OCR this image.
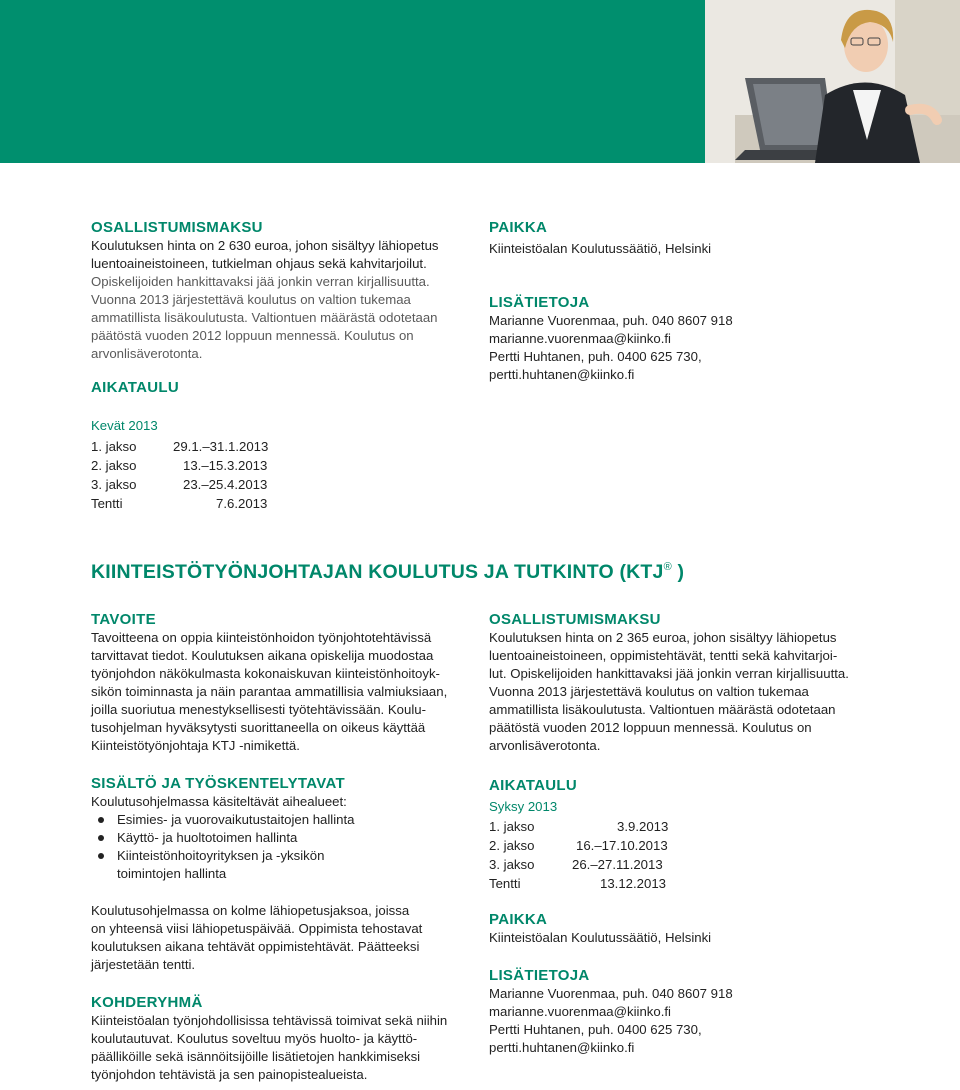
OSALLISTUMISMAKSU

Koulutuksen hinta on 2 630 euroa, johon sisältyy lähiopetus
luentoaineistoineen, tutkielman ohjaus sekä kahvitarjoilut.
Opiskelijoiden hankittavaksi jää jonkin verran kirjallisuutta.
Vuonna 2013 järjestettävä koulutus on valtion tukemaa
ammatillista lisäkoulutusta. Valtiontuen määrästä odotetaan
päätöstä vuoden 2012 loppuun mennessä. Koulutus on
arvonlisäverotonta.

AIKATAULU
Kevät 2013
1. jakso	29.1.–31.1.2013
2. jakso	13.–15.3.2013
3. jakso	23.–25.4.2013
Tentti	7.6.2013
PAIKKA

Kiinteistöalan Koulutussäätiö, Helsinki

LISÄTIETOJA

Marianne Vuorenmaa, puh. 040 8607 918
marianne.vuorenmaa@kiinko.fi
Pertti Huhtanen, puh. 0400 625 730,
pertti.huhtanen@kiinko.fi

KIINTEISTÖTYÖNJOHTAJAN KOULUTUS JA TUTKINTO (KTJ® )
TAVOITE

Tavoitteena on oppia kiinteistönhoidon työnjohtotehtävissä
tarvittavat tiedot. Koulutuksen aikana opiskelija muodostaa
työnjohdon näkökulmasta kokonaiskuvan kiinteistönhoitoyk-
sikön toiminnasta ja näin parantaa ammatillisia valmiuksiaan,
joilla suoriutua menestyksellisesti työtehtävissään. Koulu-
tusohjelman hyväksytysti suorittaneella on oikeus käyttää
Kiinteistötyönjohtaja KTJ -nimikettä.

SISÄLTÖ JA TYÖSKENTELYTAVAT

Koulutusohjelmassa käsiteltävät aihealueet:

Esimies- ja vuorovaikutustaitojen hallinta
Käyttö- ja huoltotoimen hallinta
Kiinteistönhoitoyrityksen ja -yksikön
toimintojen hallinta

Koulutusohjelmassa on kolme lähiopetusjaksoa, joissa
on yhteensä viisi lähiopetuspäivää. Oppimista tehostavat
koulutuksen aikana tehtävät oppimistehtävät. Päätteeksi
järjestetään tentti.

KOHDERYHMÄ

Kiinteistöalan työnjohdollisissa tehtävissä toimivat sekä niihin
koulutautuvat. Koulutus soveltuu myös huolto- ja käyttö-
päälliköille sekä isännöitsijöille lisätietojen hankkimiseksi
työnjohdon tehtävistä ja sen painopistealueista.

OSALLISTUMISMAKSU

Koulutuksen hinta on 2 365 euroa, johon sisältyy lähiopetus
luentoaineistoineen, oppimistehtävät, tentti sekä kahvitarjoi-
lut. Opiskelijoiden hankittavaksi jää jonkin verran kirjallisuutta.
Vuonna 2013 järjestettävä koulutus on valtion tukemaa
ammatillista lisäkoulutusta. Valtiontuen määrästä odotetaan
päätöstä vuoden 2012 loppuun mennessä. Koulutus on
arvonlisäverotonta.

AIKATAULU
Syksy 2013
1. jakso	3.9.2013
2. jakso	16.–17.10.2013
3. jakso	26.–27.11.2013
Tentti	13.12.2013
PAIKKA

Kiinteistöalan Koulutussäätiö, Helsinki

LISÄTIETOJA

Marianne Vuorenmaa, puh. 040 8607 918
marianne.vuorenmaa@kiinko.fi
Pertti Huhtanen, puh. 0400 625 730,
pertti.huhtanen@kiinko.fi
